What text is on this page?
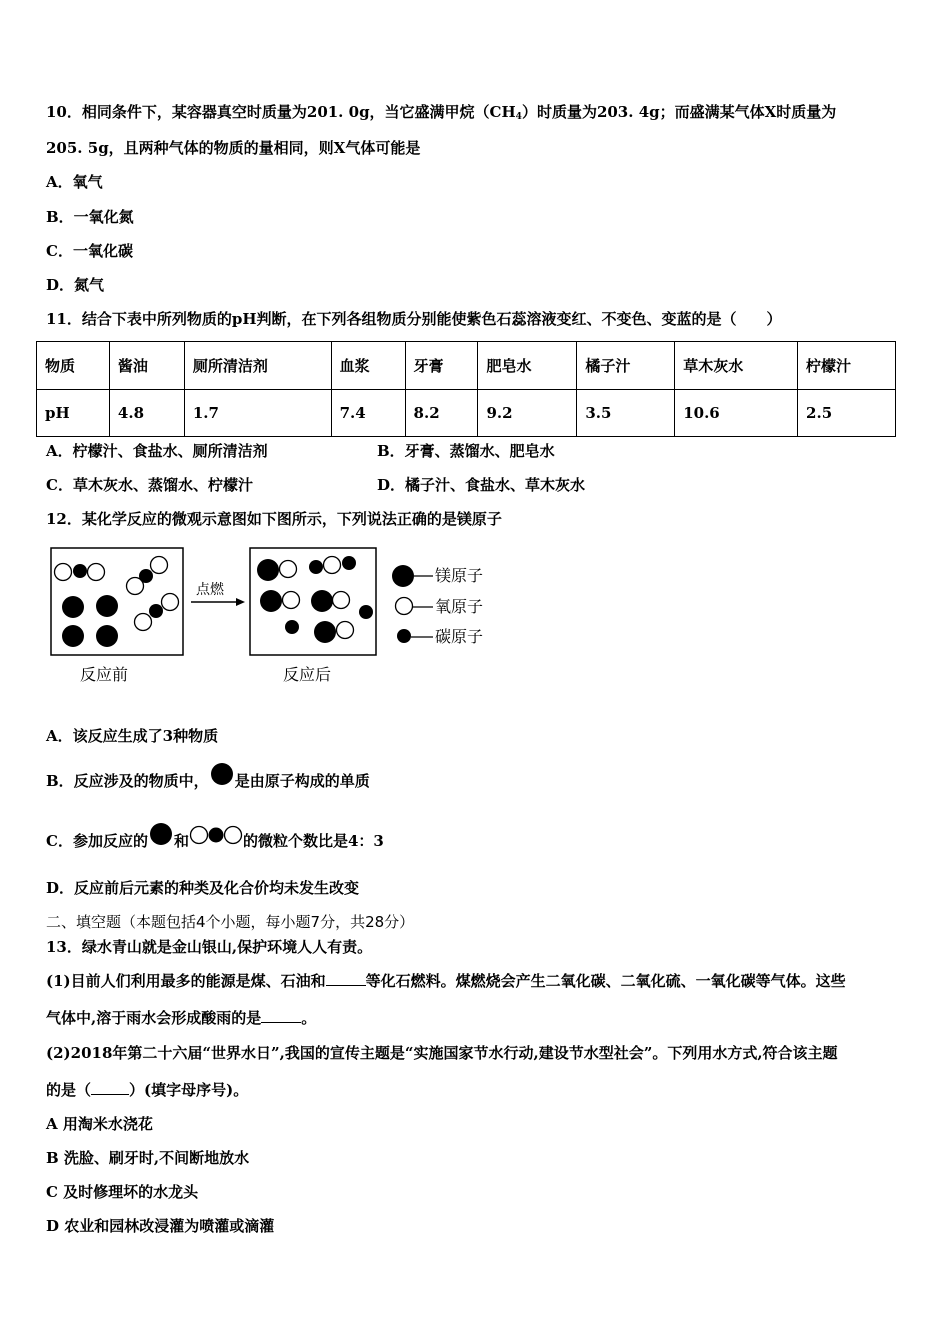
10．相同条件下，某容器真空时质量为201. 0g，当它盛满甲烷$(CH_4)$时质量为203. 4g；而盛满某气体X时质量为
205. 5g，且两种气体的物质的量相同，则X气体可能是
A．氧气
B．一氧化氮
C．一氧化碳
D．氮气
11．结合下表中所列物质的pH判断，在下列各组物质分别能使紫色石蕊溶液变红、不变色、变蓝的是（　　）
物质	酱油	厕所清洁剂	血浆	牙膏	肥皂水	橘子汁	草木灰水	柠檬汁
pH	4.8	1.7	7.4	8.2	9.2	3.5	10.6	2.5
A．柠檬汁、食盐水、厕所清洁剂	B．牙膏、蒸馏水、肥皂水
C．草木灰水、蒸馏水、柠檬汁	D．橘子汁、食盐水、草木灰水
12．某化学反应的微观示意图如下图所示，下列说法正确的是镁原子
点燃
反应前	反应后
镁原子
氧原子
碳原子
A．该反应生成了3种物质
B．反应涉及的物质中， 是由原子构成的单质
C．参加反应的 和	的微粒个数比是4：3
D．反应前后元素的种类及化合价均未发生改变
二、填空题（本题包括4个小题，每小题7分，共28分）
13．绿水青山就是金山银山,保护环境人人有责。
(1)目前人们利用最多的能源是煤、石油和	等化石燃料。煤燃烧会产生二氧化碳、二氧化硫、一氧化碳等气体。这些
气体中,溶于雨水会形成酸雨的是	。
(2)2018年第二十六届“世界水日”,我国的宣传主题是“实施国家节水行动,建设节水型社会”。下列用水方式,符合该主题
的是（	）(填字母序号)。
A 用淘米水浇花
B 洗脸、刷牙时,不间断地放水
C 及时修理坏的水龙头
D 农业和园林改浸灌为喷灌或滴灌
